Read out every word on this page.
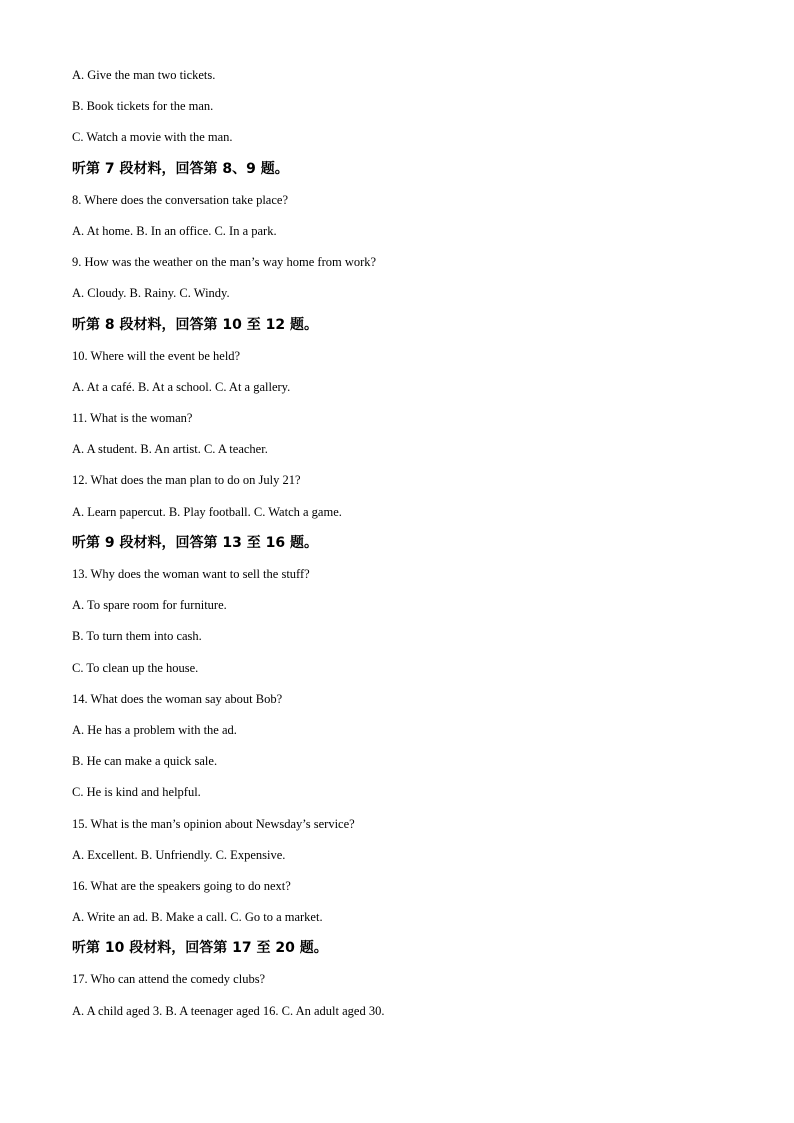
A. Give the man two tickets.
B. Book tickets for the man.
C. Watch a movie with the man.
听第 7 段材料，回答第 8、9 题。
8. Where does the conversation take place?
A. At home. B. In an office. C. In a park.
9. How was the weather on the man’s way home from work?
A. Cloudy. B. Rainy. C. Windy.
听第 8 段材料，回答第 10 至 12 题。
10. Where will the event be held?
A. At a café. B. At a school. C. At a gallery.
11. What is the woman?
A. A student. B. An artist. C. A teacher.
12. What does the man plan to do on July 21?
A. Learn papercut. B. Play football. C. Watch a game.
听第 9 段材料，回答第 13 至 16 题。
13. Why does the woman want to sell the stuff?
A. To spare room for furniture.
B. To turn them into cash.
C. To clean up the house.
14. What does the woman say about Bob?
A. He has a problem with the ad.
B. He can make a quick sale.
C. He is kind and helpful.
15. What is the man’s opinion about Newsday’s service?
A. Excellent. B. Unfriendly. C. Expensive.
16. What are the speakers going to do next?
A. Write an ad. B. Make a call. C. Go to a market.
听第 10 段材料，回答第 17 至 20 题。
17. Who can attend the comedy clubs?
A. A child aged 3. B. A teenager aged 16. C. An adult aged 30.
